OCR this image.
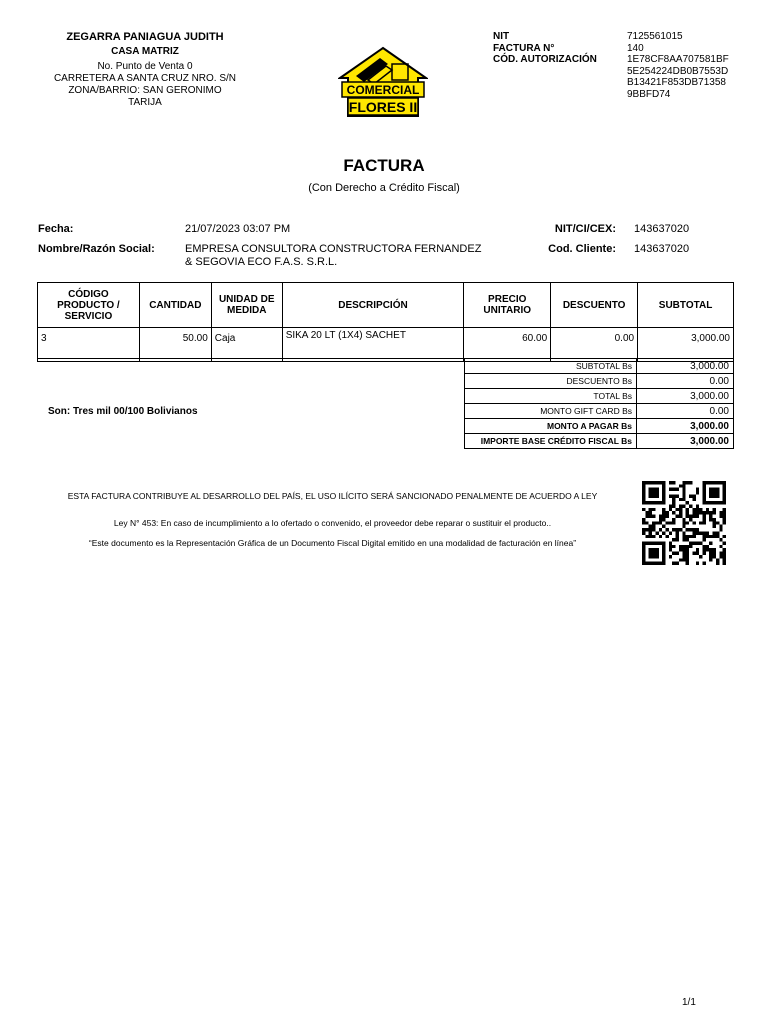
ZEGARRA PANIAGUA JUDITH
CASA MATRIZ
No. Punto de Venta 0
CARRETERA A SANTA CRUZ NRO. S/N
ZONA/BARRIO: SAN GERONIMO
TARIJA
COMERCIAL
FLORES II
NIT	7125561015
FACTURA N°	140
CÓD. AUTORIZACIÓN	1E78CF8AA707581BF
5E254224DB0B7553D
B13421F853DB71358
9BBFD74
FACTURA
(Con Derecho a Crédito Fiscal)
Fecha:	21/07/2023 03:07 PM
Nombre/Razón Social:	EMPRESA CONSULTORA CONSTRUCTORA FERNANDEZ
& SEGOVIA ECO F.A.S. S.R.L.
NIT/CI/CEX: 143637020
Cod. Cliente: 143637020
CÓDIGO PRODUCTO / SERVICIO	CANTIDAD	UNIDAD DE MEDIDA	DESCRIPCIÓN	PRECIO UNITARIO	DESCUENTO	SUBTOTAL
3	50.00	Caja	SIKA 20 LT (1X4) SACHET	60.00	0.00	3,000.00
SUBTOTAL Bs	3,000.00
DESCUENTO Bs	0.00
TOTAL Bs	3,000.00
MONTO GIFT CARD Bs	0.00
MONTO A PAGAR Bs	3,000.00
IMPORTE BASE CRÉDITO FISCAL Bs	3,000.00
Son: Tres mil 00/100 Bolivianos
ESTA FACTURA CONTRIBUYE AL DESARROLLO DEL PAÍS, EL USO ILÍCITO SERÁ SANCIONADO PENALMENTE DE ACUERDO A LEY
Ley N° 453: En caso de incumplimiento a lo ofertado o convenido, el proveedor debe reparar o sustituir el producto..
“Este documento es la Representación Gráfica de un Documento Fiscal Digital emitido en una modalidad de facturación en línea”
1/1
